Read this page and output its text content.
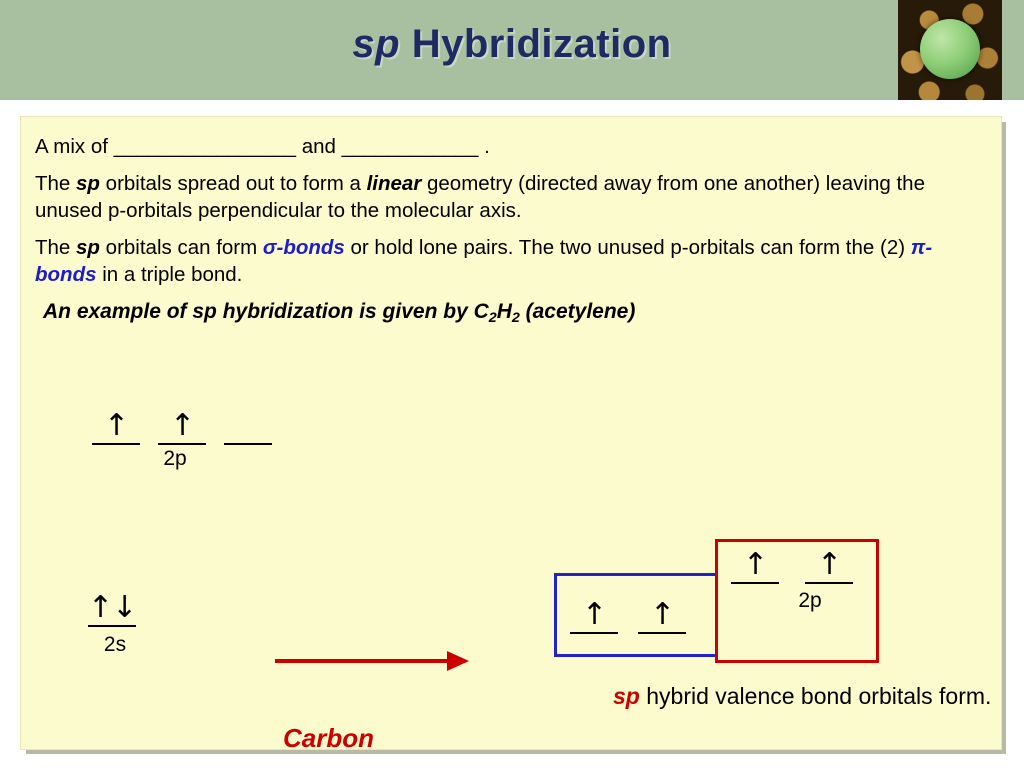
sp Hybridization

A mix of ________________ and ____________ .

The sp orbitals spread out to form a linear geometry (directed away from one another) leaving the unused p-orbitals perpendicular to the molecular axis.

The sp orbitals can form σ-bonds or hold lone pairs. The two unused p-orbitals can form the (2) π-bonds in a triple bond.

An example of sp hybridization is given by $C_2H_2$ (acetylene)

↑	↑
2p
↑↓
2s
Carbon
↑	↑
↑	↑
2p
sp hybrid valence bond orbitals form.
